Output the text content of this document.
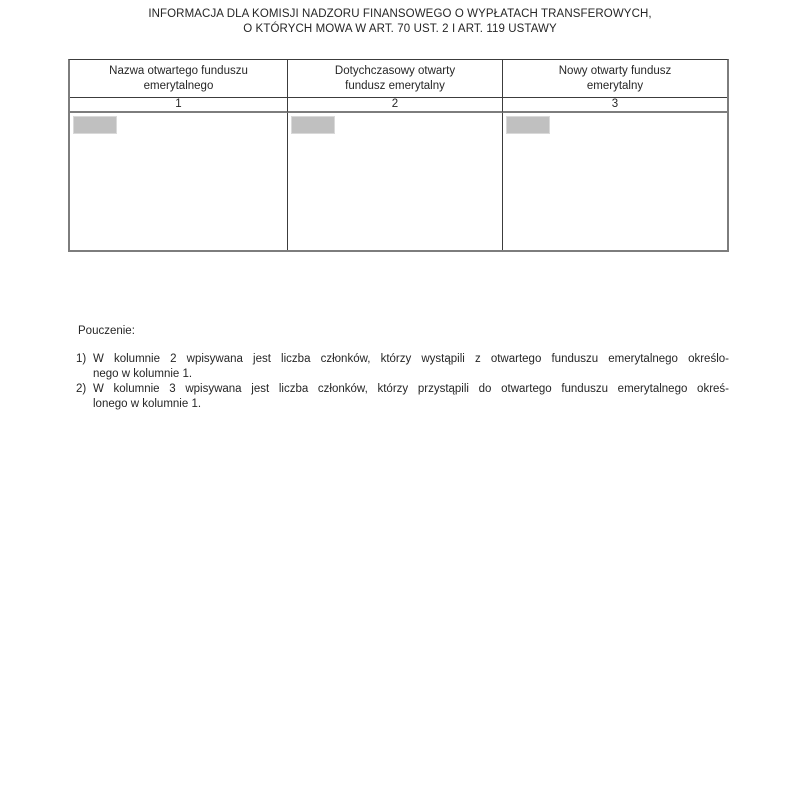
INFORMACJA DLA KOMISJI NADZORU FINANSOWEGO O WYPŁATACH TRANSFEROWYCH,
O KTÓRYCH MOWA W ART. 70 UST. 2 I ART. 119 USTAWY
Nazwa otwartego funduszu
emerytalnego
Dotychczasowy otwarty
fundusz emerytalny
Nowy otwarty fundusz
emerytalny
1	2	3
Pouczenie:
1) W kolumnie 2 wpisywana jest liczba członków, którzy wystąpili z otwartego funduszu emerytalnego określo-
nego w kolumnie 1.
2) W kolumnie 3 wpisywana jest liczba członków, którzy przystąpili do otwartego funduszu emerytalnego okreś-
lonego w kolumnie 1.
